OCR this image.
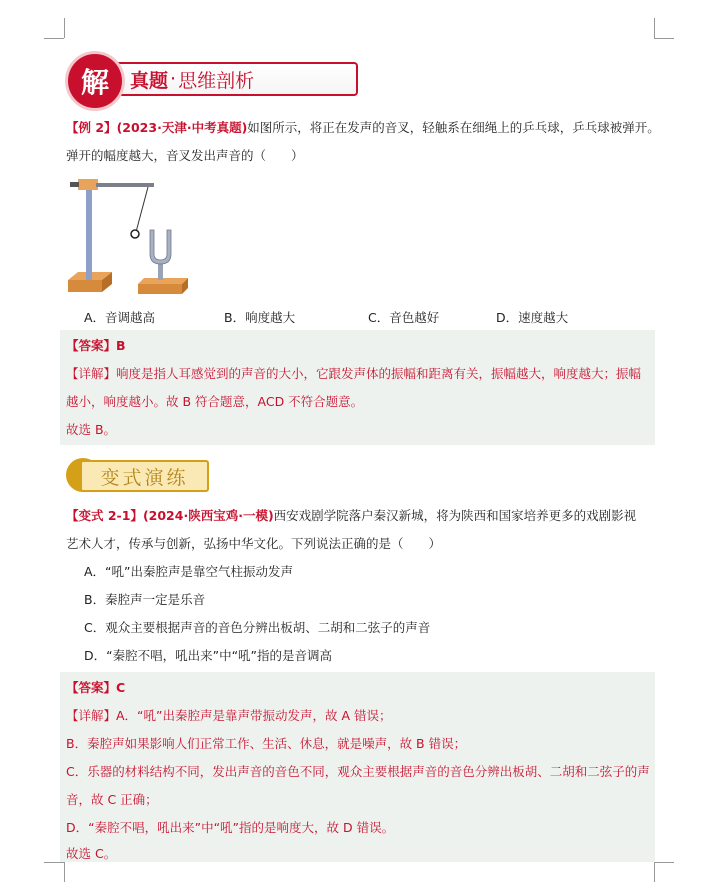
真题 · 思维剖析
解
【例 2】(2023·天津·中考真题)如图所示，将正在发声的音叉，轻触系在细绳上的乒乓球，乒乓球被弹开。
弹开的幅度越大，音叉发出声音的（　　）
A．音调越高	B．响度越大	C．音色越好	D．速度越大
【答案】B
【详解】响度是指人耳感觉到的声音的大小，它跟发声体的振幅和距离有关，振幅越大，响度越大；振幅
越小，响度越小。故 B 符合题意，ACD 不符合题意。
故选 B。
变式演练
【变式 2-1】(2024·陕西宝鸡·一模)西安戏剧学院落户秦汉新城，将为陕西和国家培养更多的戏剧影视
艺术人才，传承与创新，弘扬中华文化。下列说法正确的是（　　）
A．“吼”出秦腔声是靠空气柱振动发声
B．秦腔声一定是乐音
C．观众主要根据声音的音色分辨出板胡、二胡和二弦子的声音
D．“秦腔不唱，吼出来”中“吼”指的是音调高
【答案】C
【详解】A．“吼”出秦腔声是靠声带振动发声，故 A 错误；
B．秦腔声如果影响人们正常工作、生活、休息，就是噪声，故 B 错误；
C．乐器的材料结构不同，发出声音的音色不同，观众主要根据声音的音色分辨出板胡、二胡和二弦子的声
音，故 C 正确；
D．“秦腔不唱，吼出来”中“吼”指的是响度大，故 D 错误。
故选 C。
